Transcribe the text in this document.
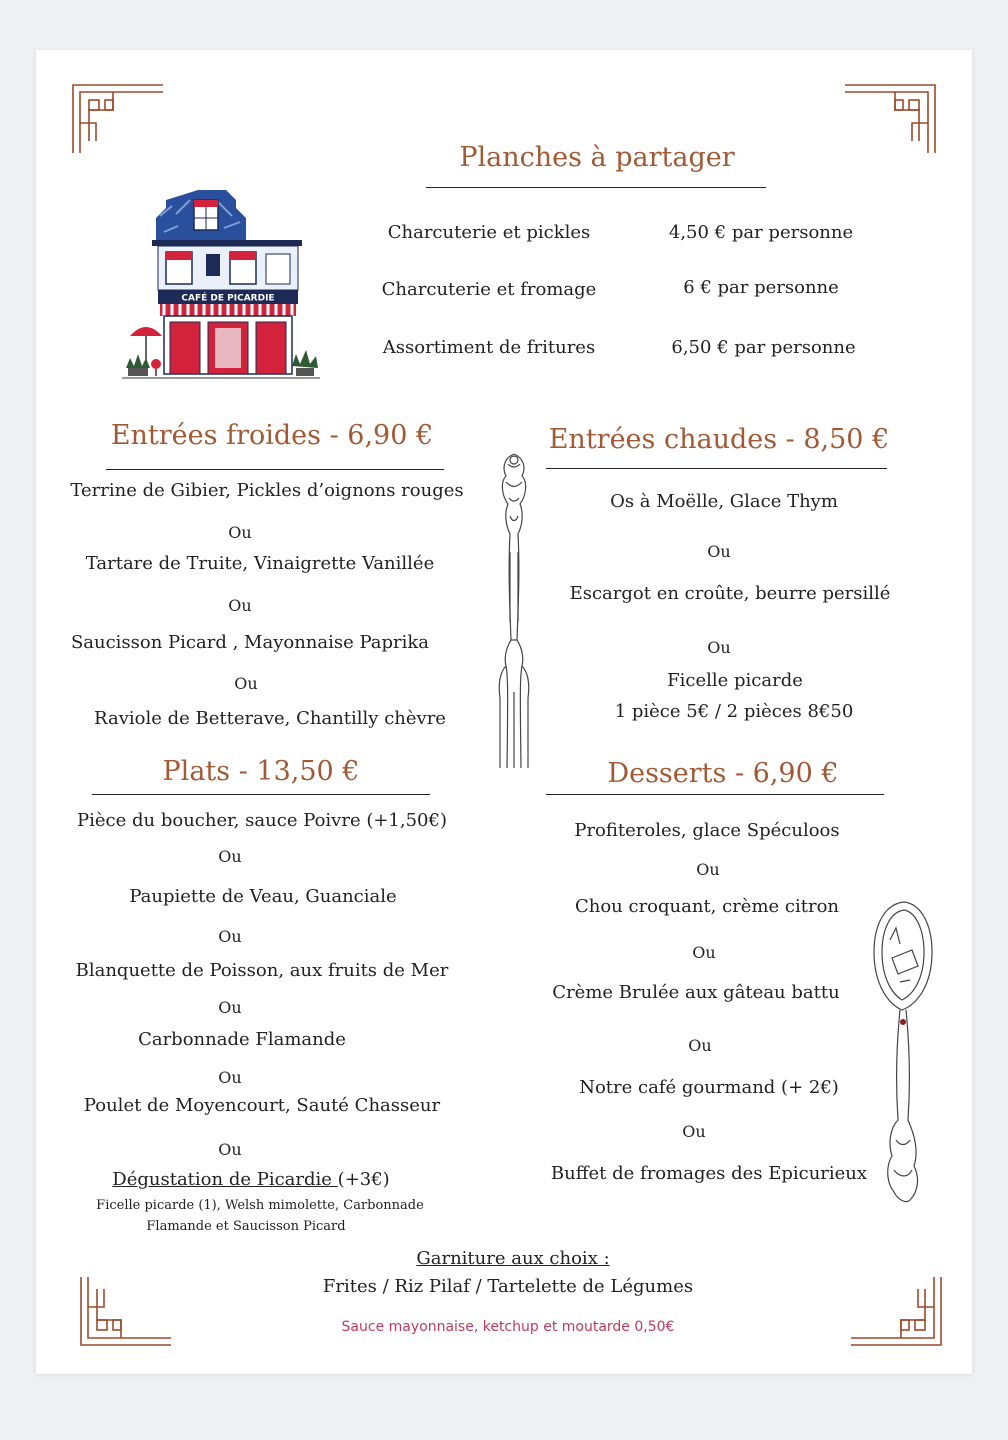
CAFÉ DE PICARDIE
Planches à partager
Charcuterie et pickles	4,50 € par personne
Charcuterie et fromage	6 € par personne
Assortiment de fritures	6,50 € par personne
Entrées froides - 6,90 €
Terrine de Gibier, Pickles d’oignons rouges
Ou
Tartare de Truite, Vinaigrette Vanillée
Ou
Saucisson Picard , Mayonnaise Paprika
Ou
Raviole de Betterave, Chantilly chèvre
Entrées chaudes - 8,50 €
Os à Moëlle, Glace Thym
Ou
Escargot en croûte, beurre persillé
Ou
Ficelle picarde
1 pièce 5€ / 2 pièces 8€50
Plats - 13,50 €
Pièce du boucher, sauce Poivre (+1,50€)
Ou
Paupiette de Veau, Guanciale
Ou
Blanquette de Poisson, aux fruits de Mer
Ou
Carbonnade Flamande
Ou
Poulet de Moyencourt, Sauté Chasseur
Ou
Dégustation de Picardie (+3€)
Ficelle picarde (1), Welsh mimolette, Carbonnade
Flamande et Saucisson Picard
Desserts - 6,90 €
Profiteroles, glace Spéculoos
Ou
Chou croquant, crème citron
Ou
Crème Brulée aux gâteau battu
Ou
Notre café gourmand (+ 2€)
Ou
Buffet de fromages des Epicurieux
Garniture aux choix :
Frites / Riz Pilaf / Tartelette de Légumes
Sauce mayonnaise, ketchup et moutarde 0,50€
